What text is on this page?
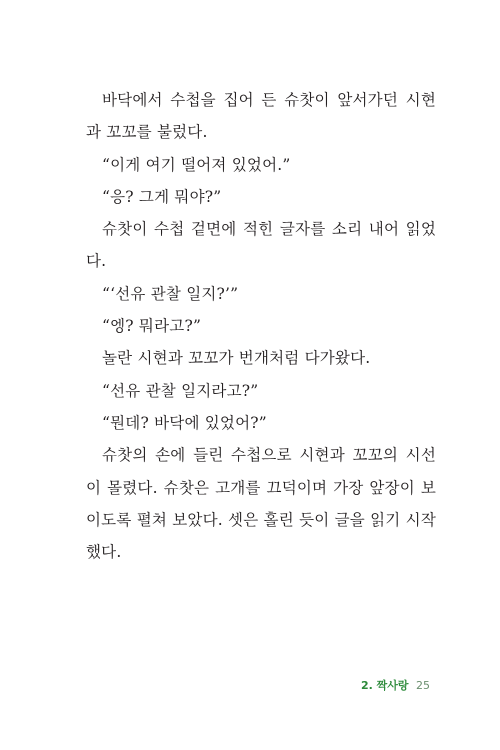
바닥에서 수첩을 집어 든 슈찻이 앞서가던 시현과 꼬꼬를 불렀다.

“이게 여기 떨어져 있었어.”

“응? 그게 뭐야?”

슈찻이 수첩 겉면에 적힌 글자를 소리 내어 읽었다.

“‘선유 관찰 일지?’”

“엥? 뭐라고?”

놀란 시현과 꼬꼬가 번개처럼 다가왔다.

“선유 관찰 일지라고?”

“뭔데? 바닥에 있었어?”

슈찻의 손에 들린 수첩으로 시현과 꼬꼬의 시선이 몰렸다. 슈찻은 고개를 끄덕이며 가장 앞장이 보이도록 펼쳐 보았다. 셋은 홀린 듯이 글을 읽기 시작했다.

2. 짝사랑 25
